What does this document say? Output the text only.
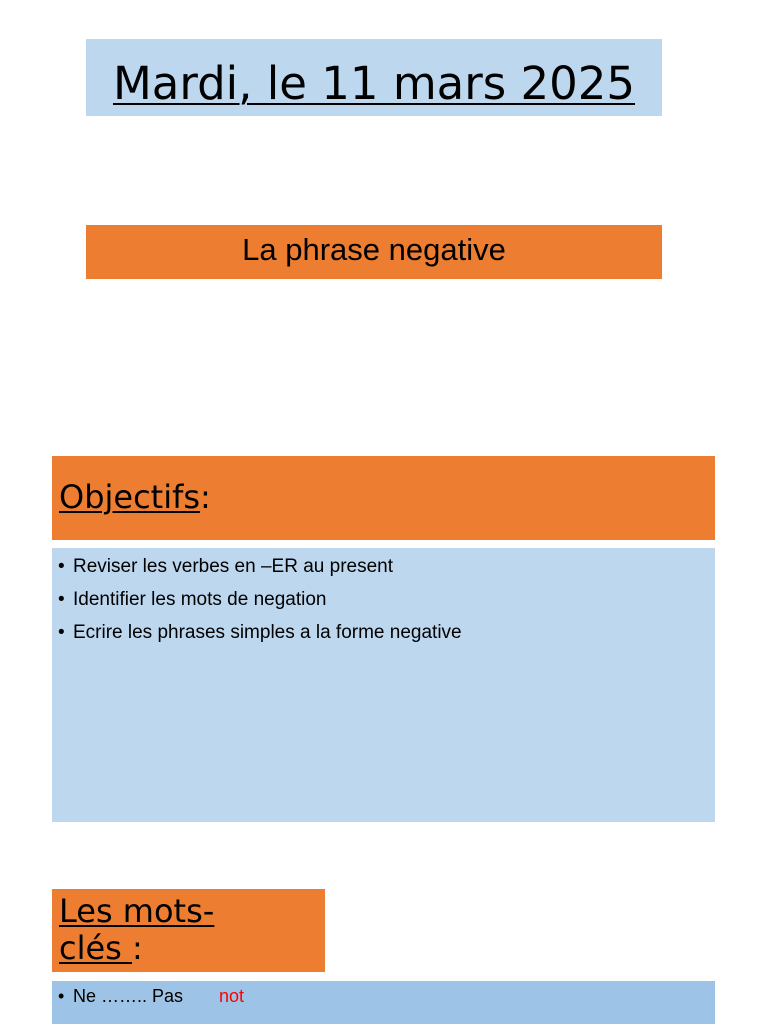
Mardi, le 11 mars 2025
La phrase negative
Objectifs:
• Reviser les verbes en –ER au present
• Identifier les mots de negation
• Ecrire les phrases simples a la forme negative
Les mots-
clés :
• Ne …….. Pas not
